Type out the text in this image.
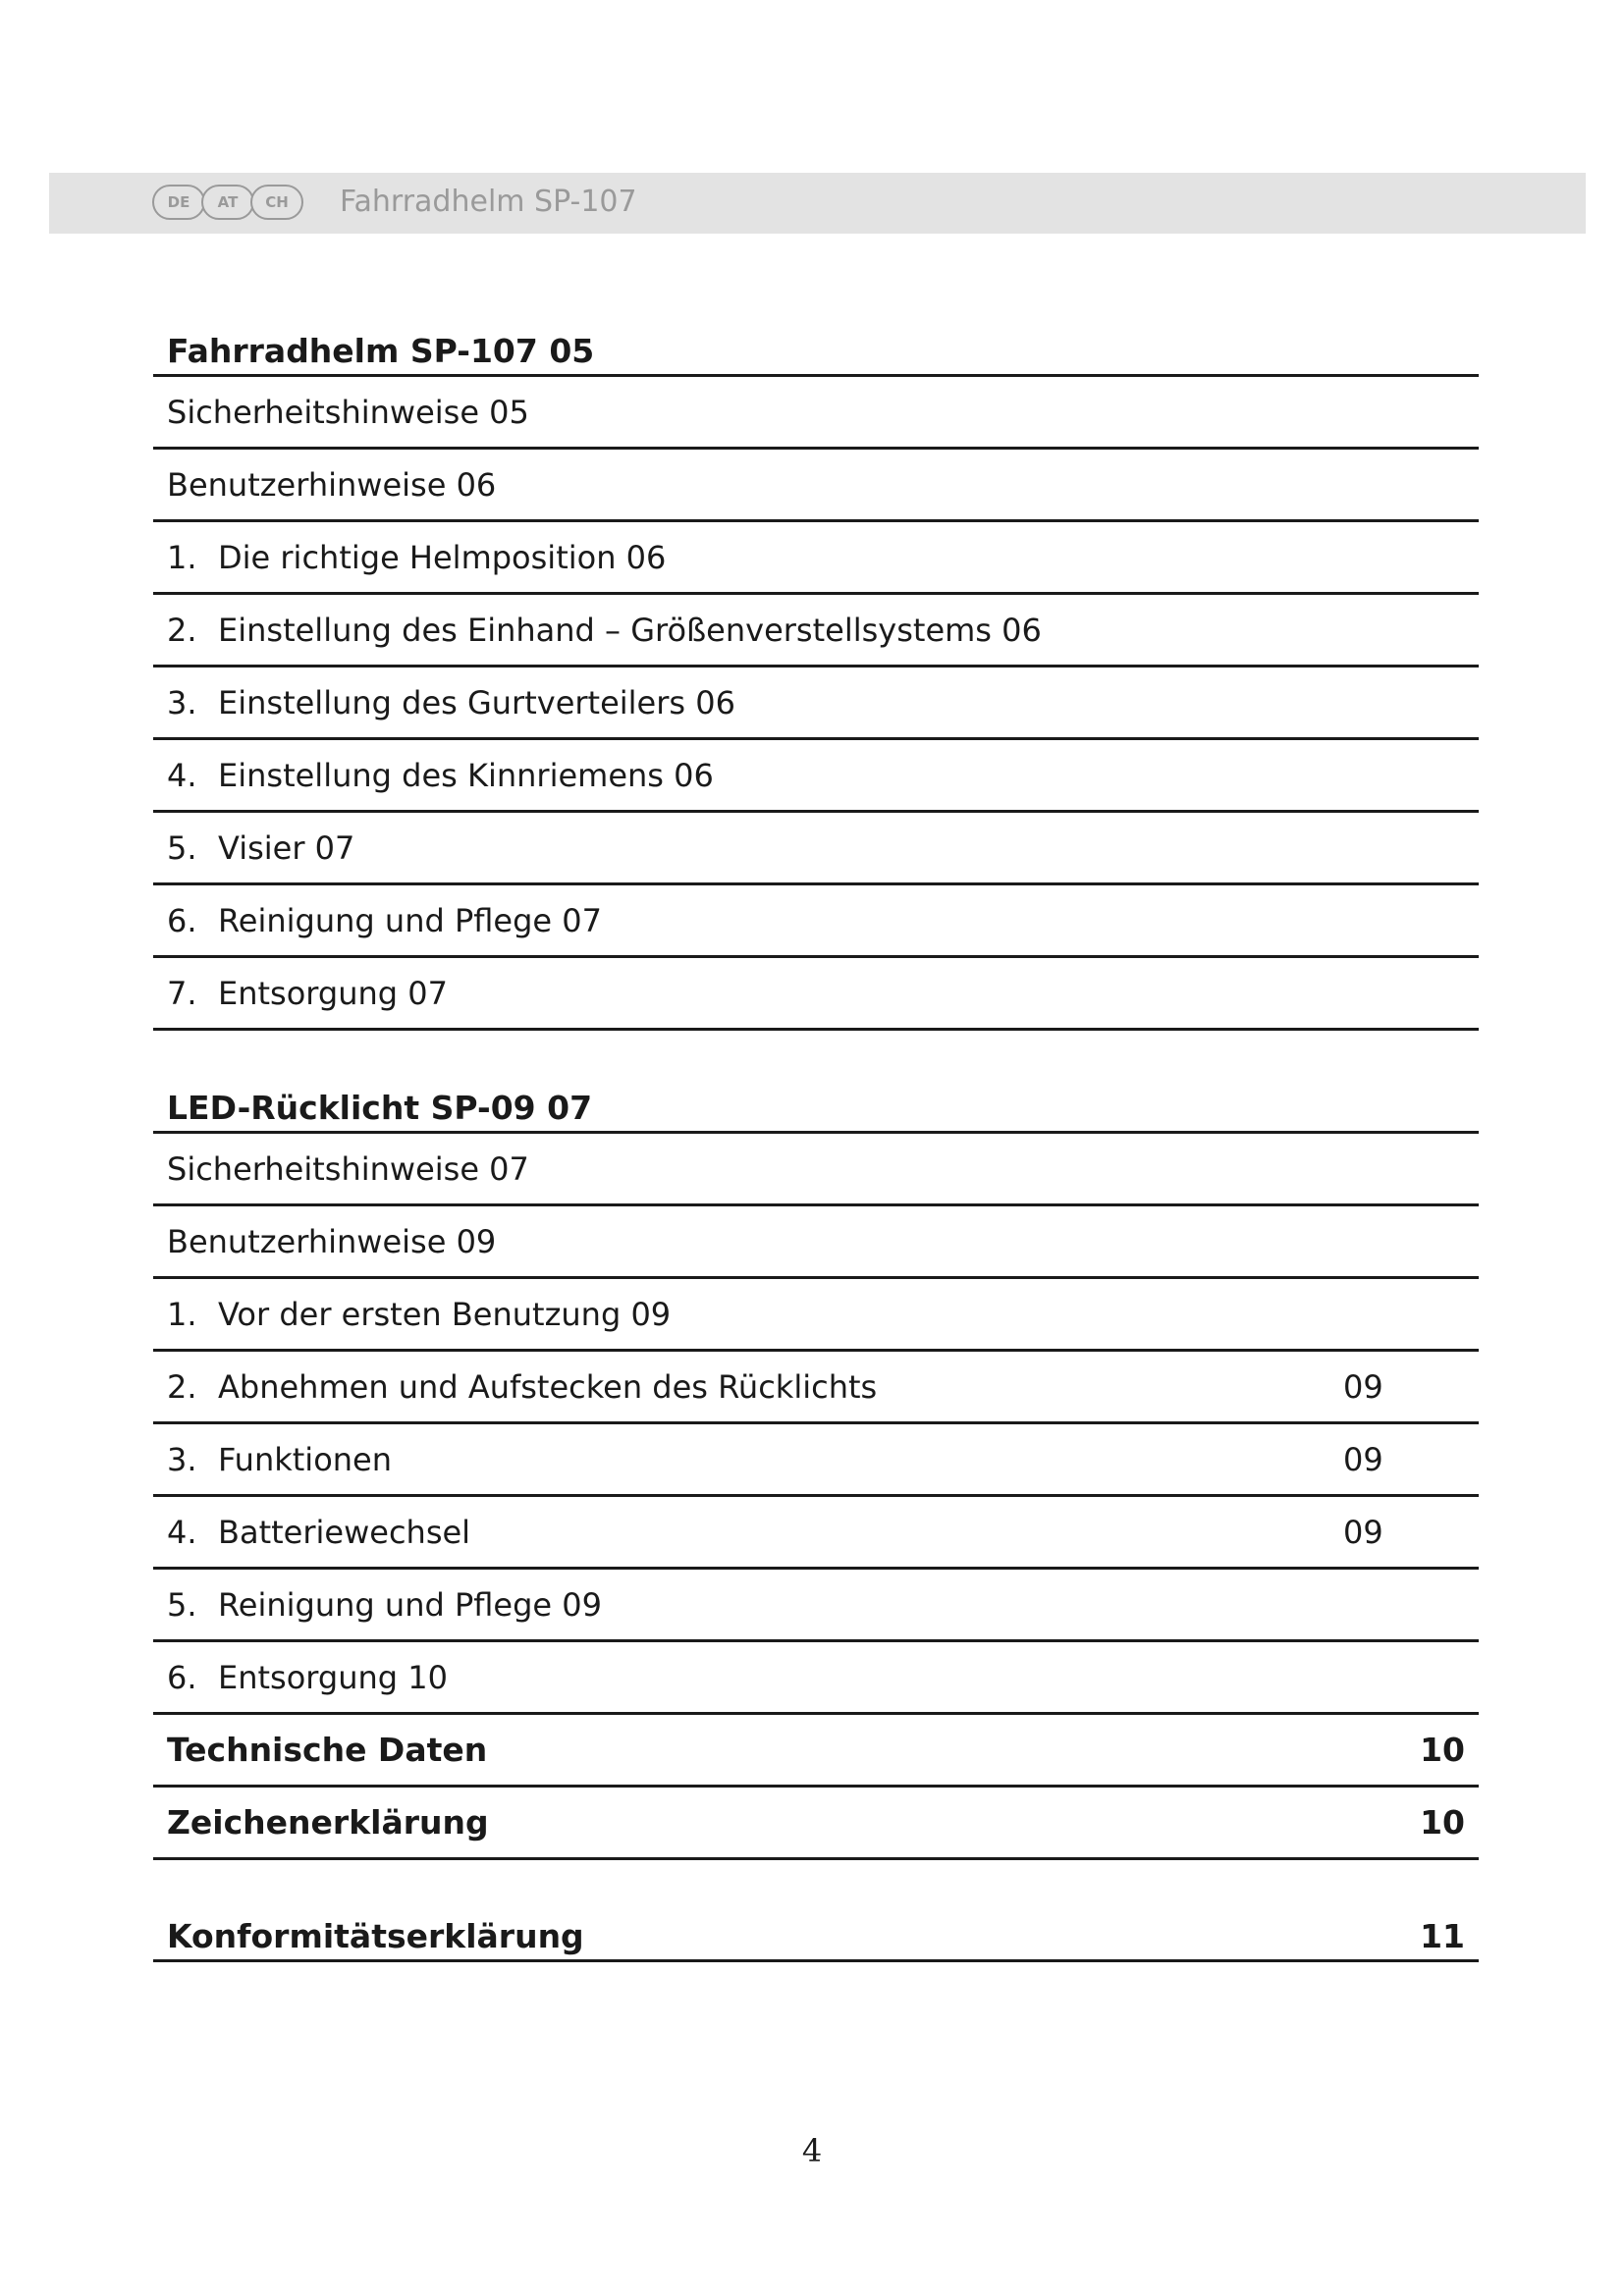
DE	AT	CH	Fahrradhelm SP-107
Fahrradhelm SP-107 05
Sicherheitshinweise 05
Benutzerhinweise 06
1. Die richtige Helmposition 06
2. Einstellung des Einhand – Größenverstellsystems 06
3. Einstellung des Gurtverteilers 06
4. Einstellung des Kinnriemens 06
5. Visier 07
6. Reinigung und Pflege 07
7. Entsorgung 07
LED-Rücklicht SP-09 07
Sicherheitshinweise 07
Benutzerhinweise 09
1. Vor der ersten Benutzung 09
2. Abnehmen und Aufstecken des Rücklichts	09
3. Funktionen	09
4. Batteriewechsel	09
5. Reinigung und Pflege 09
6. Entsorgung 10
Technische Daten	10
Zeichenerklärung	10
Konformitätserklärung	11
4
